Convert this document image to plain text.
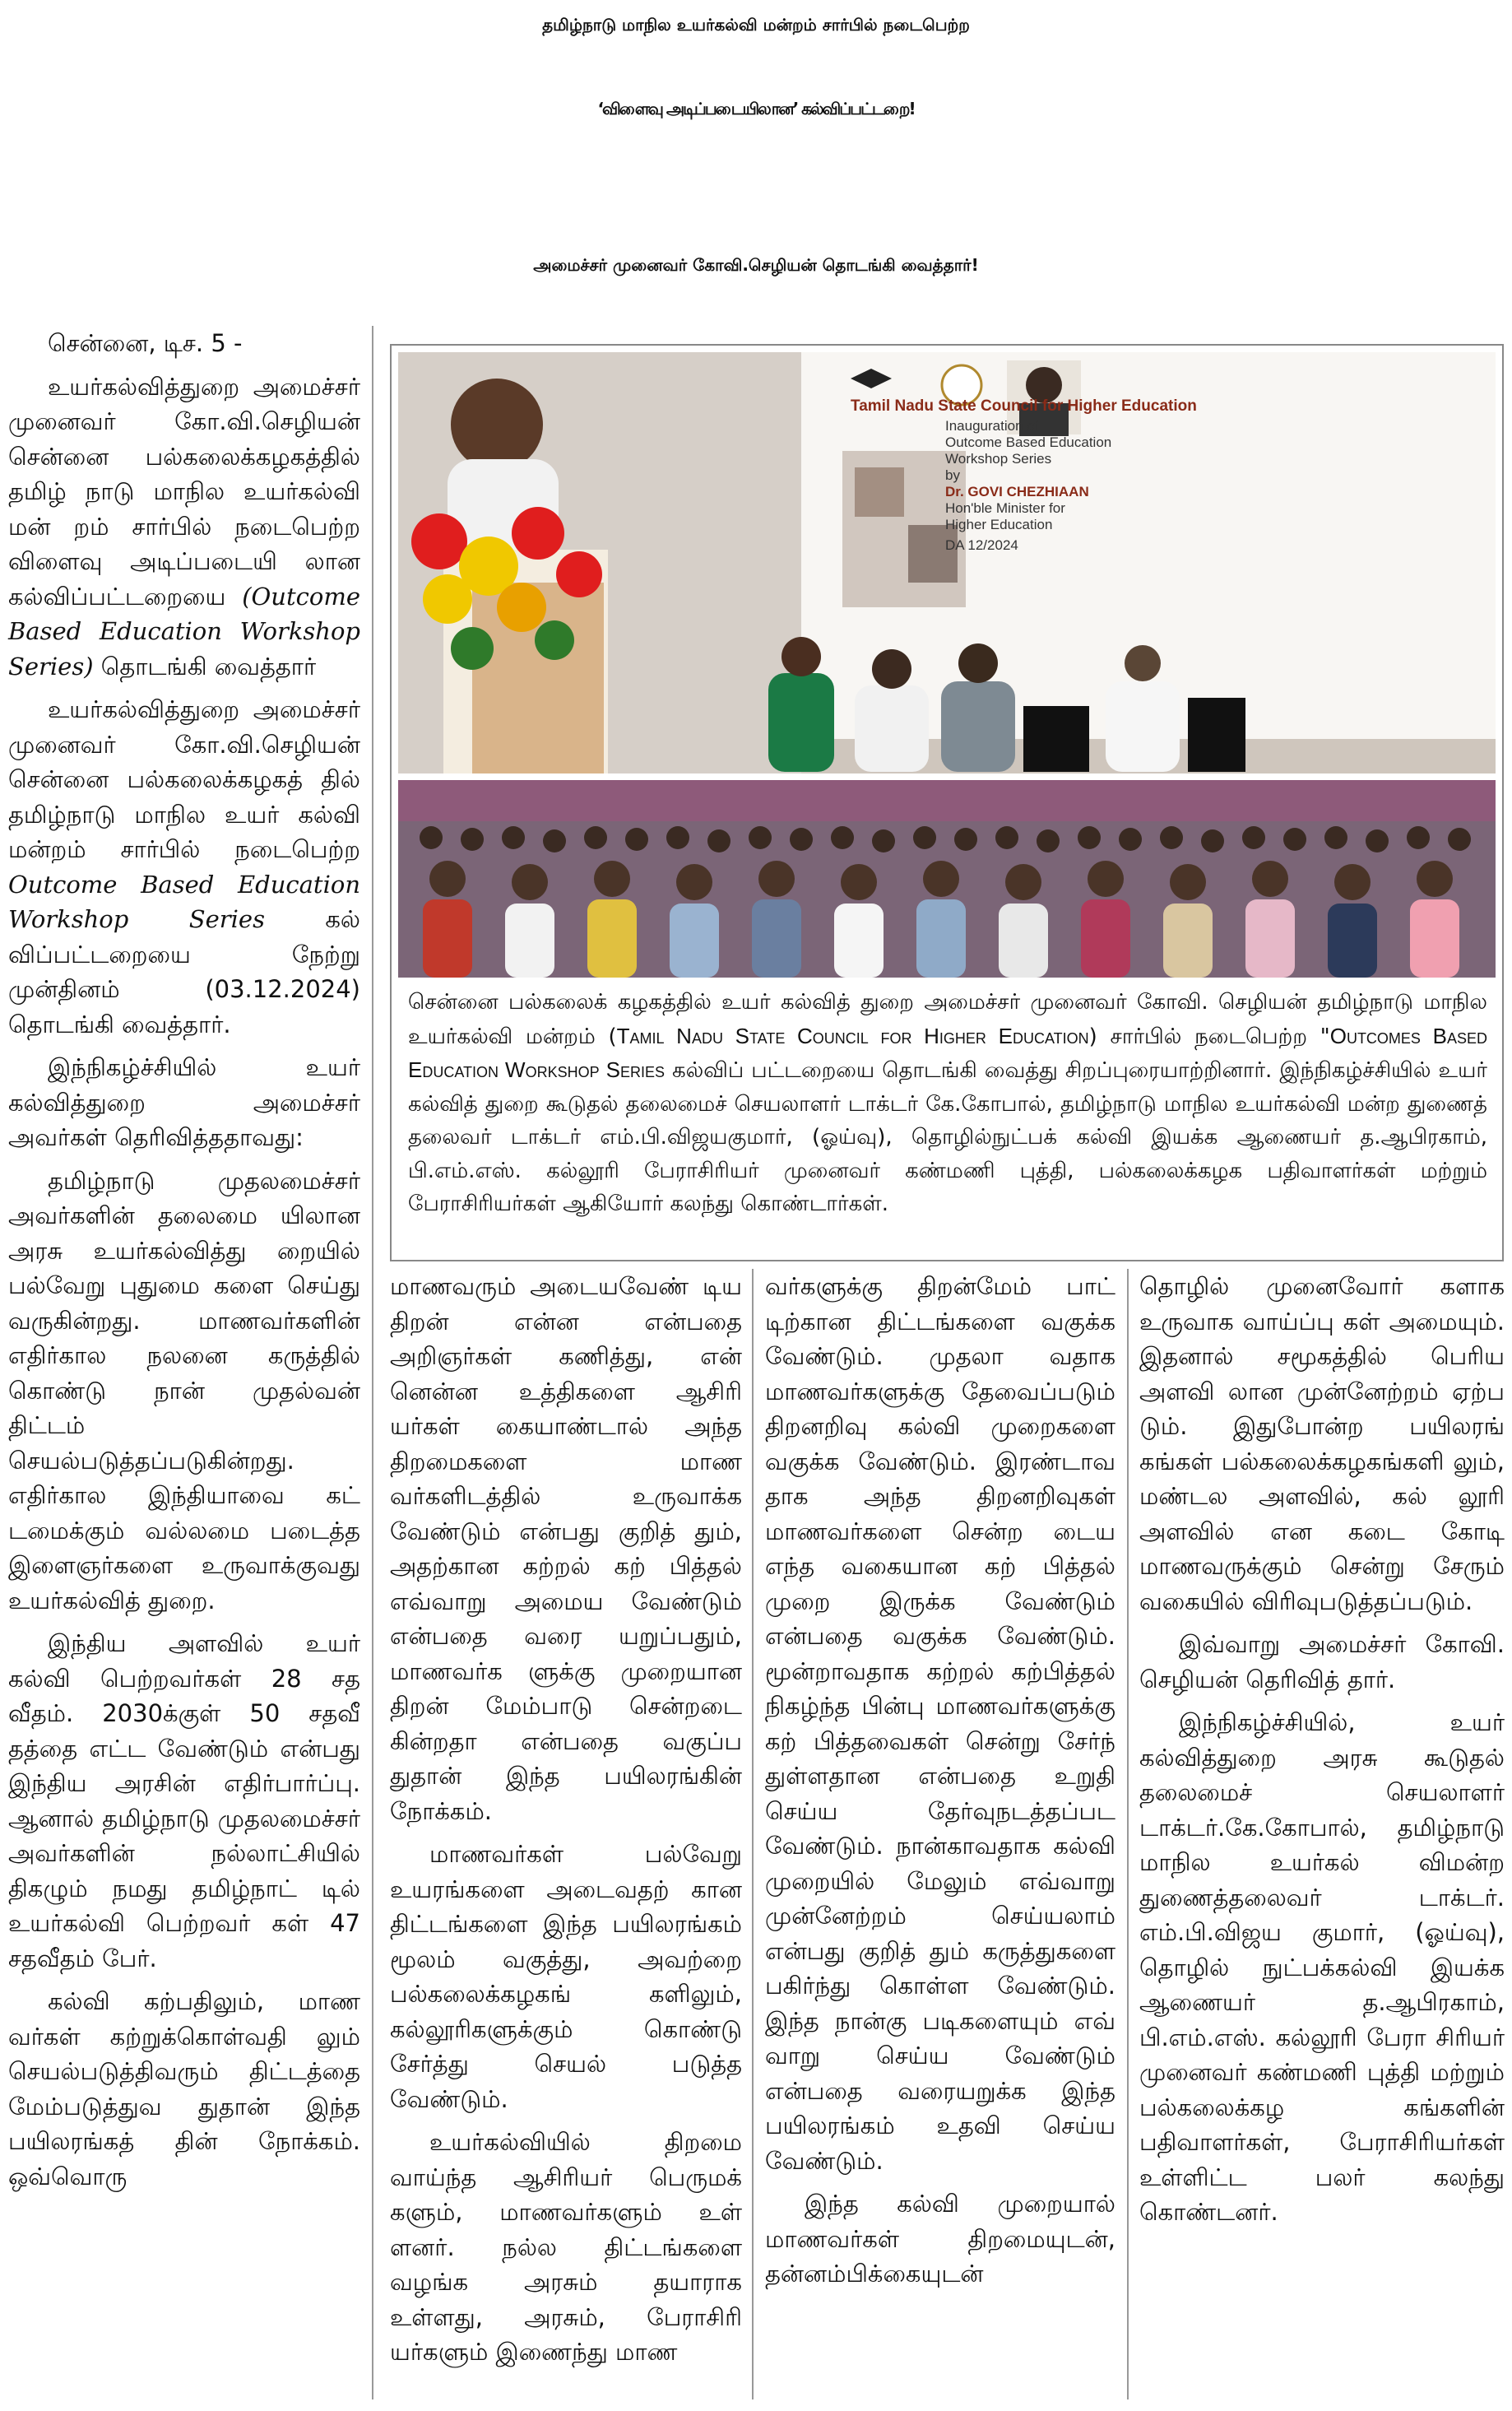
தமிழ்நாடு மாநில உயர்கல்வி மன்றம் சார்பில் நடைபெற்ற
‘விளைவு அடிப்படையிலான’ கல்விப்பட்டறை!
அமைச்சர் முனைவர் கோவி.செழியன் தொடங்கி வைத்தார்!

சென்னை, டிச. 5 -

உயர்கல்வித்துறை அமைச்சர் முனைவர் கோ.வி.செழியன் சென்னை பல்கலைக்கழகத்தில் தமிழ் நாடு மாநில உயர்கல்வி மன் றம் சார்பில் நடைபெற்ற விளைவு அடிப்படையி லான கல்விப்பட்டறையை (Outcome Based Education Workshop Series) தொடங்கி வைத்தார்

உயர்கல்வித்துறை அமைச்சர் முனைவர் கோ.வி.செழியன் சென்னை பல்கலைக்கழகத் தில் தமிழ்நாடு மாநில உயர் கல்வி மன்றம் சார்பில் நடைபெற்ற Outcome Based Education Workshop Series கல் விப்பட்டறையை நேற்று முன்தினம் (03.12.2024) தொடங்கி வைத்தார்.

இந்நிகழ்ச்சியில் உயர் கல்வித்துறை அமைச்சர் அவர்கள் தெரிவித்ததாவது:

தமிழ்நாடு முதலமைச்சர் அவர்களின் தலைமை யிலான அரசு உயர்கல்வித்து றையில் பல்வேறு புதுமை களை செய்து வருகின்றது. மாணவர்களின் எதிர்கால நலனை கருத்தில் கொண்டு நான் முதல்வன் திட்டம் செயல்படுத்தப்படுகின்றது. எதிர்கால இந்தியாவை கட் டமைக்கும் வல்லமை படைத்த இளைஞர்களை உருவாக்குவது உயர்கல்வித் துறை.

இந்திய அளவில் உயர் கல்வி பெற்றவர்கள் 28 சத வீதம். 2030க்குள் 50 சதவீ தத்தை எட்ட வேண்டும் என்பது இந்திய அரசின் எதிர்பார்ப்பு. ஆனால் தமிழ்நாடு முதலமைச்சர் அவர்களின் நல்லாட்சியில் திகழும் நமது தமிழ்நாட் டில் உயர்கல்வி பெற்றவர் கள் 47 சதவீதம் பேர்.

கல்வி கற்பதிலும், மாண வர்கள் கற்றுக்கொள்வதி லும் செயல்படுத்திவரும் திட்டத்தை மேம்படுத்துவ துதான் இந்த பயிலரங்கத் தின் நோக்கம். ஒவ்வொரு

Tamil Nadu State Council for Higher Education
Inauguration of
Outcome Based Education
Workshop Series
by
Dr. GOVI CHEZHIAAN
Hon'ble Minister for
Higher Education
DA 12/2024
சென்னை பல்கலைக் கழகத்தில் உயர் கல்வித் துறை அமைச்சர் முனைவர் கோவி. செழியன் தமிழ்நாடு மாநில உயர்கல்வி மன்றம் (Tamil Nadu State Council for Higher Education) சார்பில் நடைபெற்ற "Outcomes Based Education Workshop Series கல்விப் பட்டறையை தொடங்கி வைத்து சிறப்புரையாற்றினார். இந்நிகழ்ச்சியில் உயர் கல்வித் துறை கூடுதல் தலைமைச் செயலாளர் டாக்டர் கே.கோபால், தமிழ்நாடு மாநில உயர்கல்வி மன்ற துணைத் தலைவர் டாக்டர் எம்.பி.விஜயகுமார், (ஓய்வு), தொழில்நுட்பக் கல்வி இயக்க ஆணையர் த.ஆபிரகாம், பி.எம்.எஸ். கல்லூரி பேராசிரியர் முனைவர் கண்மணி புத்தி, பல்கலைக்கழக பதிவாளர்கள் மற்றும் பேராசிரியர்கள் ஆகியோர் கலந்து கொண்டார்கள்.

மாணவரும் அடையவேண் டிய திறன் என்ன என்பதை அறிஞர்கள் கணித்து, என் னென்ன உத்திகளை ஆசிரி யர்கள் கையாண்டால் அந்த திறமைகளை மாண வர்களிடத்தில் உருவாக்க வேண்டும் என்பது குறித் தும், அதற்கான கற்றல் கற் பித்தல் எவ்வாறு அமைய வேண்டும் என்பதை வரை யறுப்பதும், மாணவர்க ளுக்கு முறையான திறன் மேம்பாடு சென்றடை கின்றதா என்பதை வகுப்ப துதான் இந்த பயிலரங்கின் நோக்கம்.

மாணவர்கள் பல்வேறு உயரங்களை அடைவதற் கான திட்டங்களை இந்த பயிலரங்கம் மூலம் வகுத்து, அவற்றை பல்கலைக்கழகங் களிலும், கல்லூரிகளுக்கும் கொண்டு சேர்த்து செயல் படுத்த வேண்டும்.

உயர்கல்வியில் திறமை வாய்ந்த ஆசிரியர் பெருமக் களும், மாணவர்களும் உள் ளனர். நல்ல திட்டங்களை வழங்க அரசும் தயாராக உள்ளது, அரசும், பேராசிரி யர்களும் இணைந்து மாண

வர்களுக்கு திறன்மேம் பாட் டிற்கான திட்டங்களை வகுக்க வேண்டும். முதலா வதாக மாணவர்களுக்கு தேவைப்படும் திறனறிவு கல்வி முறைகளை வகுக்க வேண்டும். இரண்டாவ தாக அந்த திறனறிவுகள் மாணவர்களை சென்ற டைய எந்த வகையான கற் பித்தல் முறை இருக்க வேண்டும் என்பதை வகுக்க வேண்டும். மூன்றாவதாக கற்றல் கற்பித்தல் நிகழ்ந்த பின்பு மாணவர்களுக்கு கற் பித்தவைகள் சென்று சேர்ந் துள்ளதான என்பதை உறுதி செய்ய தேர்வுநடத்தப்பட வேண்டும். நான்காவதாக கல்வி முறையில் மேலும் எவ்வாறு முன்னேற்றம் செய்யலாம் என்பது குறித் தும் கருத்துகளை பகிர்ந்து கொள்ள வேண்டும். இந்த நான்கு படிகளையும் எவ் வாறு செய்ய வேண்டும் என்பதை வரையறுக்க இந்த பயிலரங்கம் உதவி செய்ய வேண்டும்.

இந்த கல்வி முறையால் மாணவர்கள் திறமையுடன், தன்னம்பிக்கையுடன்

தொழில் முனைவோர் களாக உருவாக வாய்ப்பு கள் அமையும். இதனால் சமூகத்தில் பெரிய அளவி லான முன்னேற்றம் ஏற்ப டும். இதுபோன்ற பயிலரங் கங்கள் பல்கலைக்கழகங்களி லும், மண்டல அளவில், கல் லூரி அளவில் என கடை கோடி மாணவருக்கும் சென்று சேரும் வகையில் விரிவுபடுத்தப்படும்.

இவ்வாறு அமைச்சர் கோவி. செழியன் தெரிவித் தார்.

இந்நிகழ்ச்சியில், உயர் கல்வித்துறை அரசு கூடுதல் தலைமைச் செயலாளர் டாக்டர்.கே.கோபால், தமிழ்நாடு மாநில உயர்கல் விமன்ற துணைத்தலைவர் டாக்டர். எம்.பி.விஜய குமார், (ஓய்வு), தொழில் நுட்பக்கல்வி இயக்க ஆணையர் த.ஆபிரகாம், பி.எம்.எஸ். கல்லூரி பேரா சிரியர் முனைவர் கண்மணி புத்தி மற்றும் பல்கலைக்கழ கங்களின் பதிவாளர்கள், பேராசிரியர்கள் உள்ளிட்ட பலர் கலந்து கொண்டனர்.
